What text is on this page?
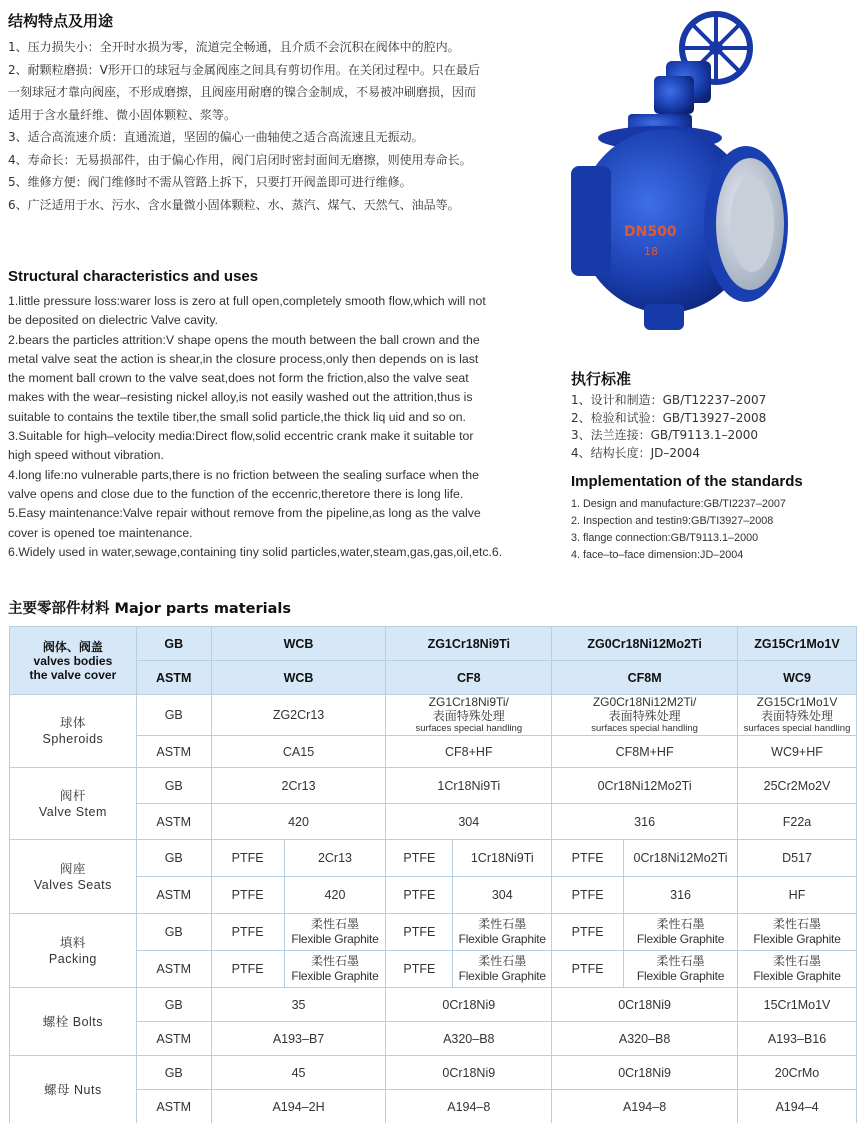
结构特点及用途

1、压力损失小：全开时水损为零，流道完全畅通，且介质不会沉积在阀体中的腔内。

2、耐颗粒磨损：V形开口的球冠与金属阀座之间具有剪切作用。在关闭过程中。只在最后

一刻球冠才靠向阀座，不形成磨擦，且阀座用耐磨的镍合金制成，不易被冲刷磨损，因而

适用于含水量纤维、微小固体颗粒、浆等。

3、适合高流速介质：直通流道，坚固的偏心一曲轴使之适合高流速且无振动。

4、寿命长：无易损部件，由于偏心作用，阀门启闭时密封面间无磨擦，则使用寿命长。

5、维修方便：阀门维修时不需从管路上拆下，只要打开阀盖即可进行维修。

6、广泛适用于水、污水、含水量微小固体颗粒、水、蒸汽、煤气、天然气、油品等。

Structural characteristics and uses

1.little pressure loss:warer loss is zero at full open,completely smooth flow,which will not

be deposited on dielectric Valve cavity.

2.bears the particles attrition:V shape opens the mouth between the ball crown and the

metal valve seat the action is shear,in the closure process,only then depends on is last

the moment ball crown to the valve seat,does not form the friction,also the valve seat

makes with the wear–resisting nickel alloy,is not easily washed out the attrition,thus is

suitable to contains the textile tiber,the small solid particle,the thick liq uid and so on.

3.Suitable for high–velocity media:Direct flow,solid eccentric crank make it suitable tor

high speed without vibration.

4.long life:no vulnerable parts,there is no friction between the sealing surface when the

valve opens and close due to the function of the eccenric,theretore there is long life.

5.Easy maintenance:Valve repair without remove from the pipeline,as long as the valve

cover is opened toe maintenance.

6.Widely used in water,sewage,containing tiny solid particles,water,steam,gas,gas,oil,etc.6.

DN500
18
执行标准

1、设计和制造：GB/T12237–2007

2、检验和试验：GB/T13927–2008

3、法兰连接：GB/T9113.1–2000

4、结构长度：JD–2004

Implementation of the standards

1. Design and manufacture:GB/TI2237–2007

2. Inspection and testin9:GB/TI3927–2008

3. flange connection:GB/T9113.1–2000

4. face–to–face dimension:JD–2004

主要零部件材料 Major parts materials
阀体、阀盖
valves bodies
the valve cover	GB	WCB		ZG1Cr18Ni9Ti		ZG0Cr18Ni12Mo2Ti		ZG15Cr1Mo1V
	ASTM	WCB		CF8		CF8M		WC9

球体
Spheroids	GB	ZG2Cr13		ZG1Cr18Ni9Ti/
表面特殊处理
surfaces special handling		ZG0Cr18Ni12M2Ti/
表面特殊处理
surfaces special handling		ZG15Cr1Mo1V
表面特殊处理
surfaces special handling

	ASTM	CA15		CF8+HF		CF8M+HF		WC9+HF

阀杆
Valve Stem	GB	2Cr13		1Cr18Ni9Ti		0Cr18Ni12Mo2Ti		25Cr2Mo2V
	ASTM	420		304		316		F22a

阀座
Valves Seats	GB	PTFE	2Cr13	PTFE	1Cr18Ni9Ti	PTFE	0Cr18Ni12Mo2Ti	D517
	ASTM	PTFE	420	PTFE	304	PTFE	316	HF

填料
Packing	GB	PTFE	柔性石墨
Flexible Graphite	PTFE	柔性石墨
Flexible Graphite	PTFE	柔性石墨
Flexible Graphite	柔性石墨
Flexible Graphite

	ASTM	PTFE	柔性石墨
Flexible Graphite	PTFE	柔性石墨
Flexible Graphite	PTFE	柔性石墨
Flexible Graphite	柔性石墨
Flexible Graphite

螺栓 Bolts	GB	35		0Cr18Ni9		0Cr18Ni9		15Cr1Mo1V
	ASTM	A193–B7		A320–B8		A320–B8		A193–B16
螺母 Nuts	GB	45		0Cr18Ni9		0Cr18Ni9		20CrMo
	ASTM	A194–2H		A194–8		A194–8		A194–4
